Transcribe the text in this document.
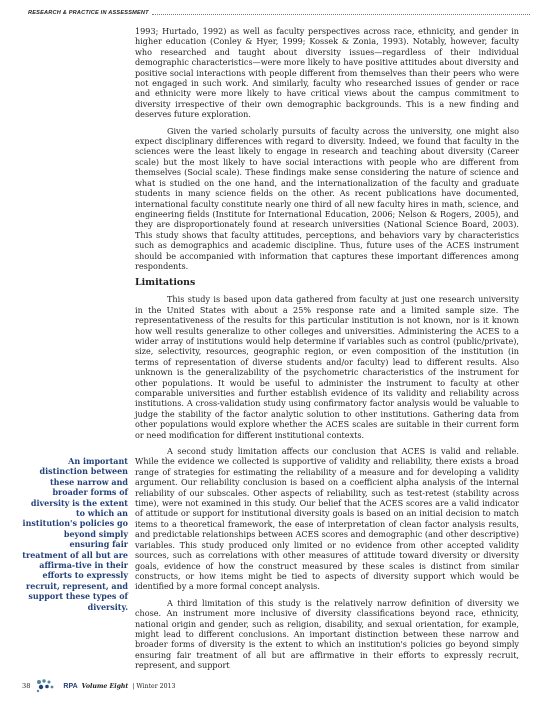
RESEARCH & PRACTICE IN ASSESSMENT

1993; Hurtado, 1992) as well as faculty perspectives across race, ethnicity, and gender in higher education (Conley & Hyer, 1999; Kossek & Zonia, 1993). Notably, however, faculty who researched and taught about diversity issues—regardless of their individual demographic characteristics—were more likely to have positive attitudes about diversity and positive social interactions with people different from themselves than their peers who were not engaged in such work. And similarly, faculty who researched issues of gender or race and ethnicity were more likely to have critical views about the campus commitment to diversity irrespective of their own demographic backgrounds. This is a new finding and deserves future exploration.

Given the varied scholarly pursuits of faculty across the university, one might also expect disciplinary differences with regard to diversity. Indeed, we found that faculty in the sciences were the least likely to engage in research and teaching about diversity (Career scale) but the most likely to have social interactions with people who are different from themselves (Social scale). These findings make sense considering the nature of science and what is studied on the one hand, and the internationalization of the faculty and graduate students in many science fields on the other. As recent publications have documented, international faculty constitute nearly one third of all new faculty hires in math, science, and engineering fields (Institute for International Education, 2006; Nelson & Rogers, 2005), and they are disproportionately found at research universities (National Science Board, 2003). This study shows that faculty attitudes, perceptions, and behaviors vary by characteristics such as demographics and academic discipline. Thus, future uses of the ACES instrument should be accompanied with information that captures these important differences among respondents.

Limitations

This study is based upon data gathered from faculty at just one research university in the United States with about a 25% response rate and a limited sample size. The representativeness of the results for this particular institution is not known, nor is it known how well results generalize to other colleges and universities. Administering the ACES to a wider array of institutions would help determine if variables such as control (public/private), size, selectivity, resources, geographic region, or even composition of the institution (in terms of representation of diverse students and/or faculty) lead to different results. Also unknown is the generalizability of the psychometric characteristics of the instrument for other populations. It would be useful to administer the instrument to faculty at other comparable universities and further establish evidence of its validity and reliability across institutions. A cross-validation study using confirmatory factor analysis would be valuable to judge the stability of the factor analytic solution to other institutions. Gathering data from other populations would explore whether the ACES scales are suitable in their current form or need modification for different institutional contexts.

A second study limitation affects our conclusion that ACES is valid and reliable. While the evidence we collected is supportive of validity and reliability, there exists a broad range of strategies for estimating the reliability of a measure and for developing a validity argument. Our reliability conclusion is based on a coefficient alpha analysis of the internal reliability of our subscales. Other aspects of reliability, such as test-retest (stability across time), were not examined in this study. Our belief that the ACES scores are a valid indicator of attitude or support for institutional diversity goals is based on an initial decision to match items to a theoretical framework, the ease of interpretation of clean factor analysis results, and predictable relationships between ACES scores and demographic (and other descriptive) variables. This study produced only limited or no evidence from other accepted validity sources, such as correlations with other measures of attitude toward diversity or diversity goals, evidence of how the construct measured by these scales is distinct from similar constructs, or how items might be tied to aspects of diversity support which would be identified by a more formal concept analysis.

A third limitation of this study is the relatively narrow definition of diversity we chose. An instrument more inclusive of diversity classifications beyond race, ethnicity, national origin and gender, such as religion, disability, and sexual orientation, for example, might lead to different conclusions. An important distinction between these narrow and broader forms of diversity is the extent to which an institution's policies go beyond simply ensuring fair treatment of all but are affirmative in their efforts to expressly recruit, represent, and support

An important distinction between these narrow and broader forms of diversity is the extent to which an institution's policies go beyond simply ensuring fair treatment of all but are affirma-tive in their efforts to expressly recruit, represent, and support these types of diversity.
38	RPA Volume Eight | Winter 2013
